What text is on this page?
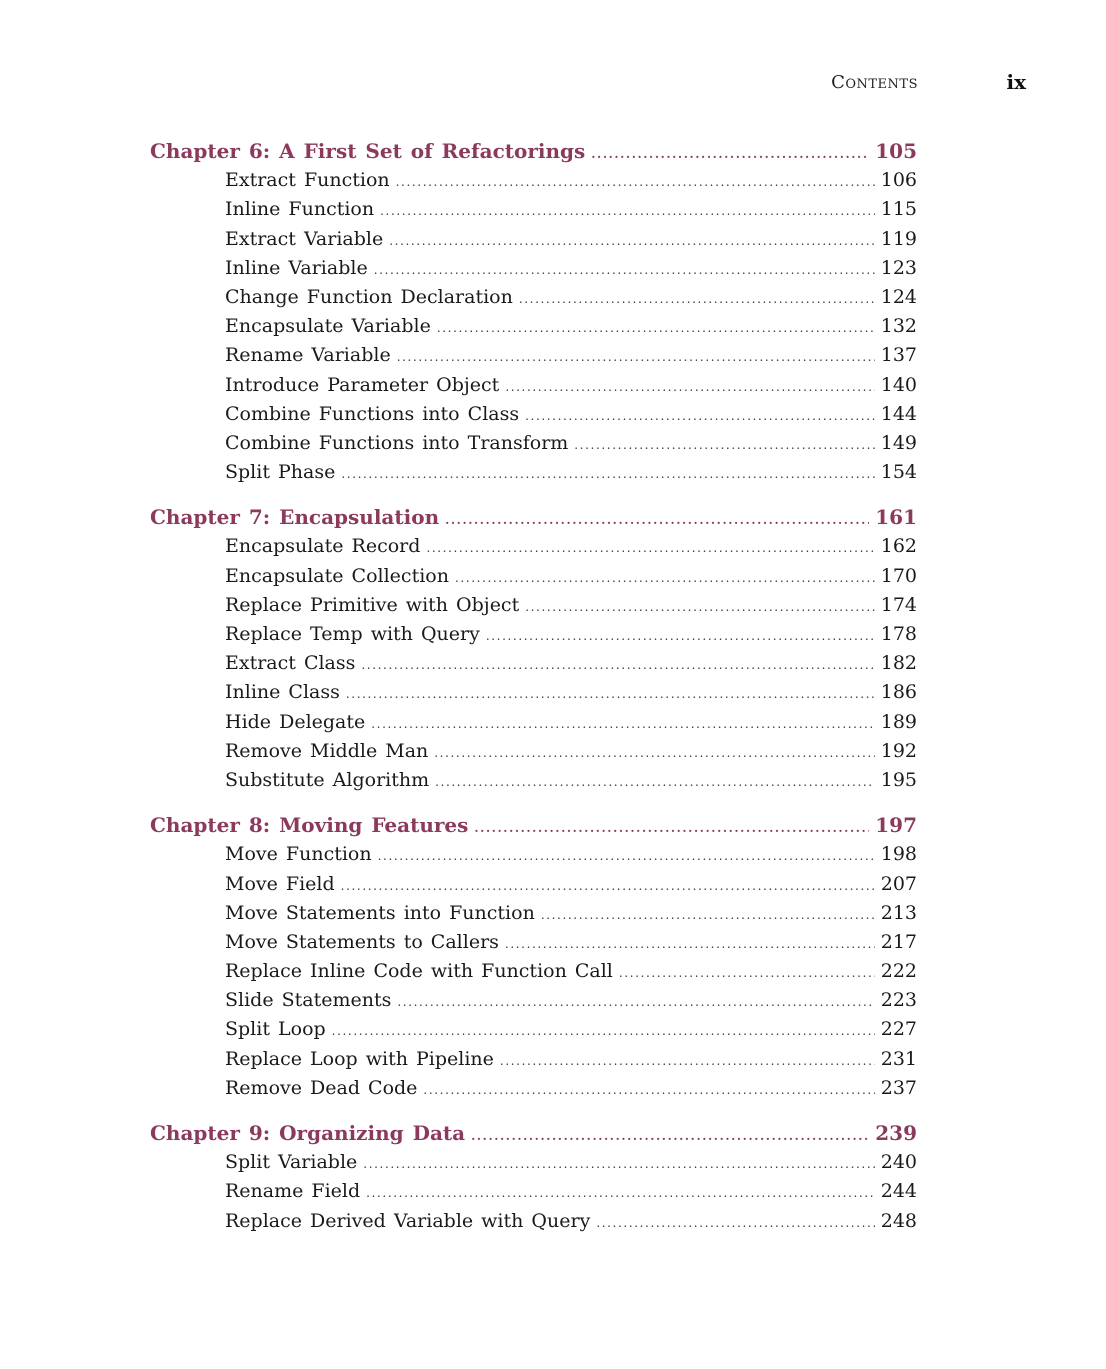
Contents	ix
Chapter 6: A First Set of Refactorings .....	105
Extract Function .....	106
Inline Function .....	115
Extract Variable .....	119
Inline Variable .....	123
Change Function Declaration .....	124
Encapsulate Variable .....	132
Rename Variable .....	137
Introduce Parameter Object .....	140
Combine Functions into Class .....	144
Combine Functions into Transform .....	149
Split Phase .....	154
Chapter 7: Encapsulation .....	161
Encapsulate Record .....	162
Encapsulate Collection .....	170
Replace Primitive with Object .....	174
Replace Temp with Query .....	178
Extract Class .....	182
Inline Class .....	186
Hide Delegate .....	189
Remove Middle Man .....	192
Substitute Algorithm .....	195
Chapter 8: Moving Features .....	197
Move Function .....	198
Move Field .....	207
Move Statements into Function .....	213
Move Statements to Callers .....	217
Replace Inline Code with Function Call .....	222
Slide Statements .....	223
Split Loop .....	227
Replace Loop with Pipeline .....	231
Remove Dead Code .....	237
Chapter 9: Organizing Data .....	239
Split Variable .....	240
Rename Field .....	244
Replace Derived Variable with Query .....	248
